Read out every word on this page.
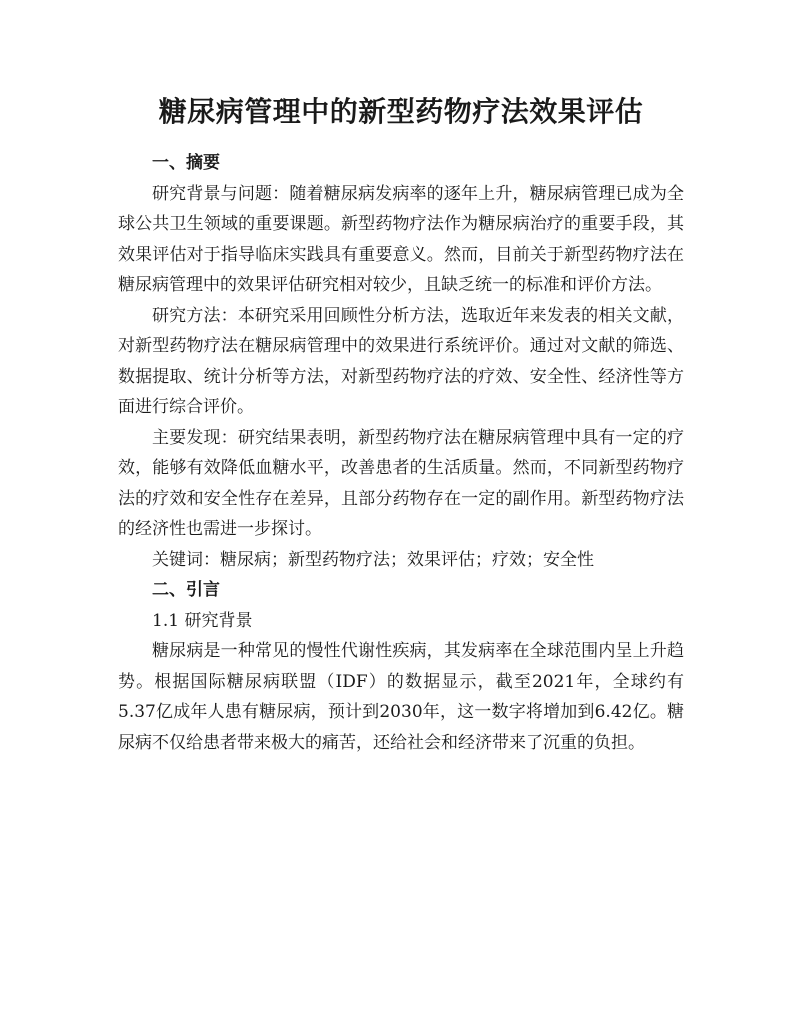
糖尿病管理中的新型药物疗法效果评估
一、摘要

研究背景与问题：随着糖尿病发病率的逐年上升，糖尿病管理已成为全球公共卫生领域的重要课题。新型药物疗法作为糖尿病治疗的重要手段，其效果评估对于指导临床实践具有重要意义。然而，目前关于新型药物疗法在糖尿病管理中的效果评估研究相对较少，且缺乏统一的标准和评价方法。

研究方法：本研究采用回顾性分析方法，选取近年来发表的相关文献，对新型药物疗法在糖尿病管理中的效果进行系统评价。通过对文献的筛选、数据提取、统计分析等方法，对新型药物疗法的疗效、安全性、经济性等方面进行综合评价。

主要发现：研究结果表明，新型药物疗法在糖尿病管理中具有一定的疗效，能够有效降低血糖水平，改善患者的生活质量。然而，不同新型药物疗法的疗效和安全性存在差异，且部分药物存在一定的副作用。新型药物疗法的经济性也需进一步探讨。

关键词：糖尿病；新型药物疗法；效果评估；疗效；安全性

二、引言

1.1 研究背景

糖尿病是一种常见的慢性代谢性疾病，其发病率在全球范围内呈上升趋势。根据国际糖尿病联盟（IDF）的数据显示，截至2021年，全球约有5.37亿成年人患有糖尿病，预计到2030年，这一数字将增加到6.42亿。糖尿病不仅给患者带来极大的痛苦，还给社会和经济带来了沉重的负担。
